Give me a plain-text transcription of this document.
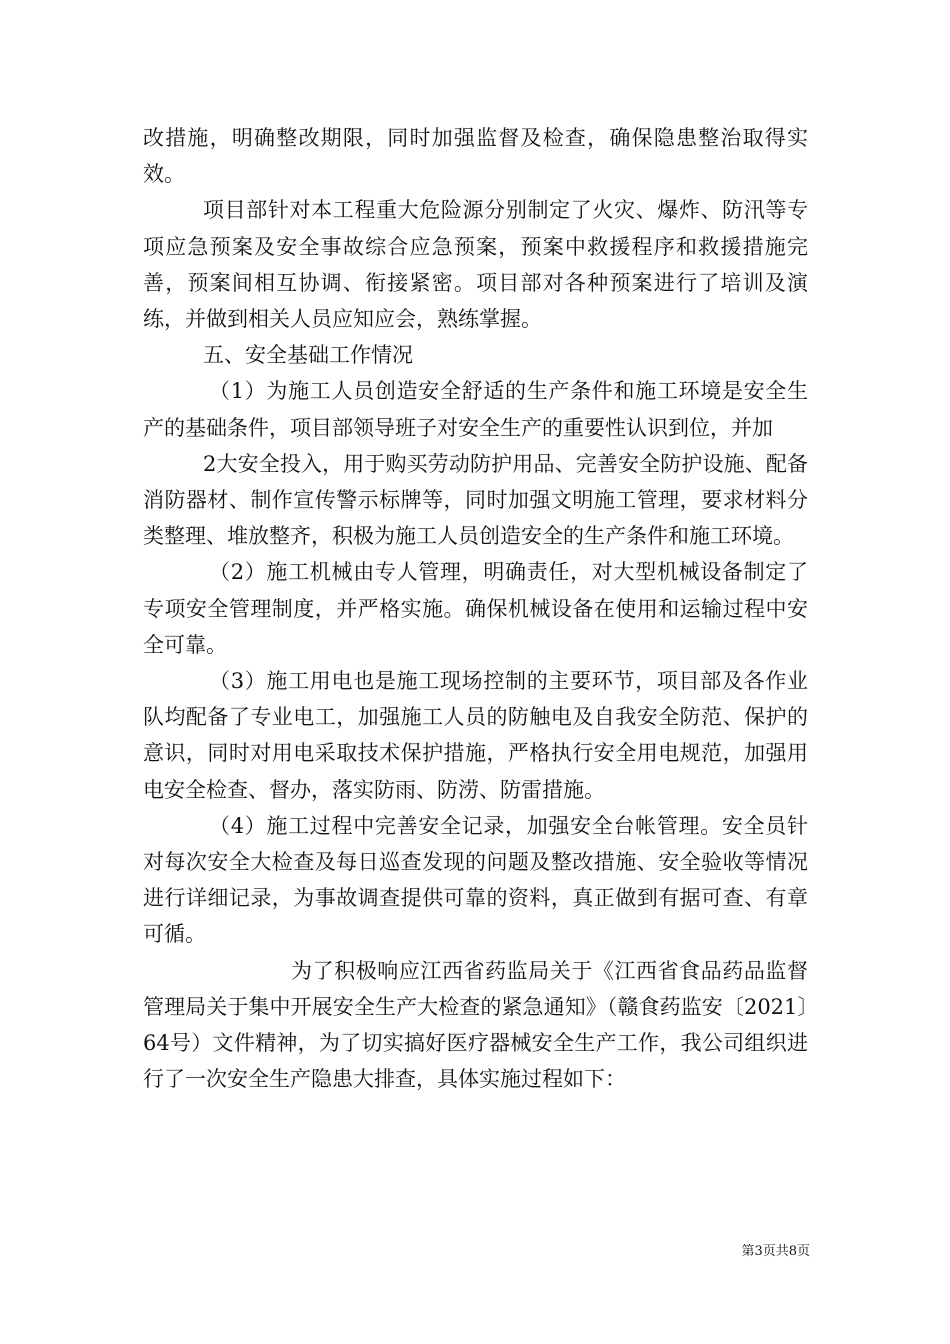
改措施，明确整改期限，同时加强监督及检查，确保隐患整治取得实效。

项目部针对本工程重大危险源分别制定了火灾、爆炸、防汛等专项应急预案及安全事故综合应急预案，预案中救援程序和救援措施完善，预案间相互协调、衔接紧密。项目部对各种预案进行了培训及演练，并做到相关人员应知应会，熟练掌握。

五、安全基础工作情况

（1）为施工人员创造安全舒适的生产条件和施工环境是安全生产的基础条件，项目部领导班子对安全生产的重要性认识到位，并加

2大安全投入，用于购买劳动防护用品、完善安全防护设施、配备消防器材、制作宣传警示标牌等，同时加强文明施工管理，要求材料分类整理、堆放整齐，积极为施工人员创造安全的生产条件和施工环境。

（2）施工机械由专人管理，明确责任，对大型机械设备制定了专项安全管理制度，并严格实施。确保机械设备在使用和运输过程中安全可靠。

（3）施工用电也是施工现场控制的主要环节，项目部及各作业队均配备了专业电工，加强施工人员的防触电及自我安全防范、保护的意识，同时对用电采取技术保护措施，严格执行安全用电规范，加强用电安全检查、督办，落实防雨、防涝、防雷措施。

（4）施工过程中完善安全记录，加强安全台帐管理。安全员针对每次安全大检查及每日巡查发现的问题及整改措施、安全验收等情况进行详细记录，为事故调查提供可靠的资料，真正做到有据可查、有章可循。

为了积极响应江西省药监局关于《江西省食品药品监督管理局关于集中开展安全生产大检查的紧急通知》（赣食药监安〔2021〕64号）文件精神，为了切实搞好医疗器械安全生产工作，我公司组织进行了一次安全生产隐患大排查，具体实施过程如下：

第3页共8页
